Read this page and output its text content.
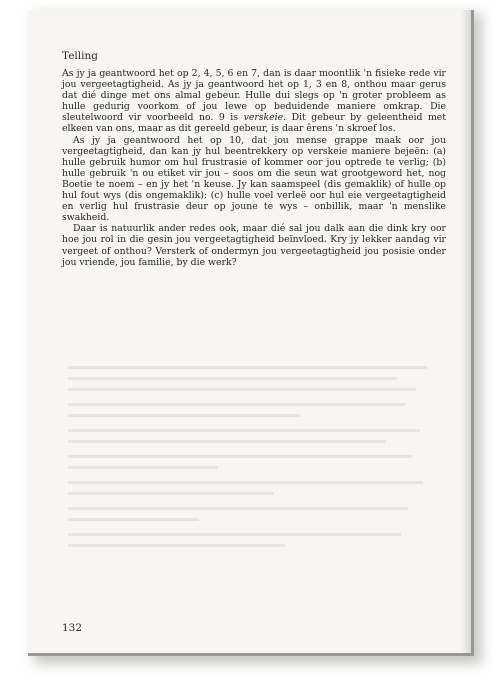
Telling

As jy ja geantwoord het op 2, 4, 5, 6 en 7, dan is daar moontlik 'n fisieke rede vir jou vergeetagtigheid. As jy ja geantwoord het op 1, 3 en 8, onthou maar gerus dat dié dinge met ons almal gebeur. Hulle dui slegs op 'n groter probleem as hulle gedurig voorkom of jou lewe op beduidende maniere omkrap. Die sleutelwoord vir voorbeeld no. 9 is verskeie. Dit gebeur by geleentheid met elkeen van ons, maar as dit gereeld gebeur, is daar êrens 'n skroef los.

As jy ja geantwoord het op 10, dat jou mense grappe maak oor jou vergeetagtigheid, dan kan jy hul beentrekkery op verskeie maniere bejeën: (a) hulle gebruik humor om hul frustrasie of kommer oor jou optrede te verlig; (b) hulle gebruik 'n ou etiket vir jou – soos om die seun wat grootgeword het, nog Boetie te noem – en jy het 'n keuse. Jy kan saamspeel (dis gemaklik) of hulle op hul fout wys (dis ongemaklik); (c) hulle voel verleë oor hul eie vergeetagtigheid en verlig hul frustrasie deur op joune te wys – onbillik, maar 'n menslike swakheid.

Daar is natuurlik ander redes ook, maar dié sal jou dalk aan die dink kry oor hoe jou rol in die gesin jou vergeetagtigheid beïnvloed. Kry jy lekker aandag vir vergeet of onthou? Versterk of ondermyn jou vergeetagtigheid jou posisie onder jou vriende, jou familie, by die werk?

132
